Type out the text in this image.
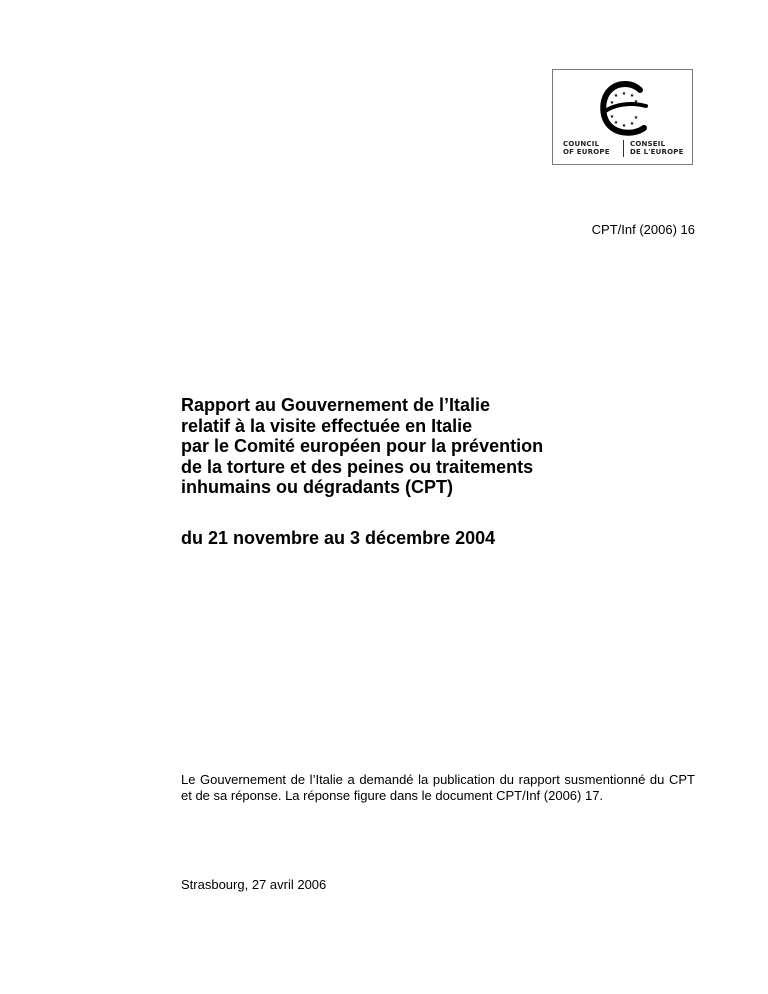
★ ★
★
★	★
★
★ ★ ★
★
COUNCIL
OF EUROPE
CONSEIL
DE L'EUROPE
CPT/Inf (2006) 16
Rapport au Gouvernement de l’Italie
relatif à la visite effectuée en Italie
par le Comité européen pour la prévention
de la torture et des peines ou traitements
inhumains ou dégradants (CPT)
du 21 novembre au 3 décembre 2004

Le Gouvernement de l’Italie a demandé la publication du rapport susmentionné du CPT et de sa réponse. La réponse figure dans le document CPT/Inf (2006) 17.

Strasbourg, 27 avril 2006
